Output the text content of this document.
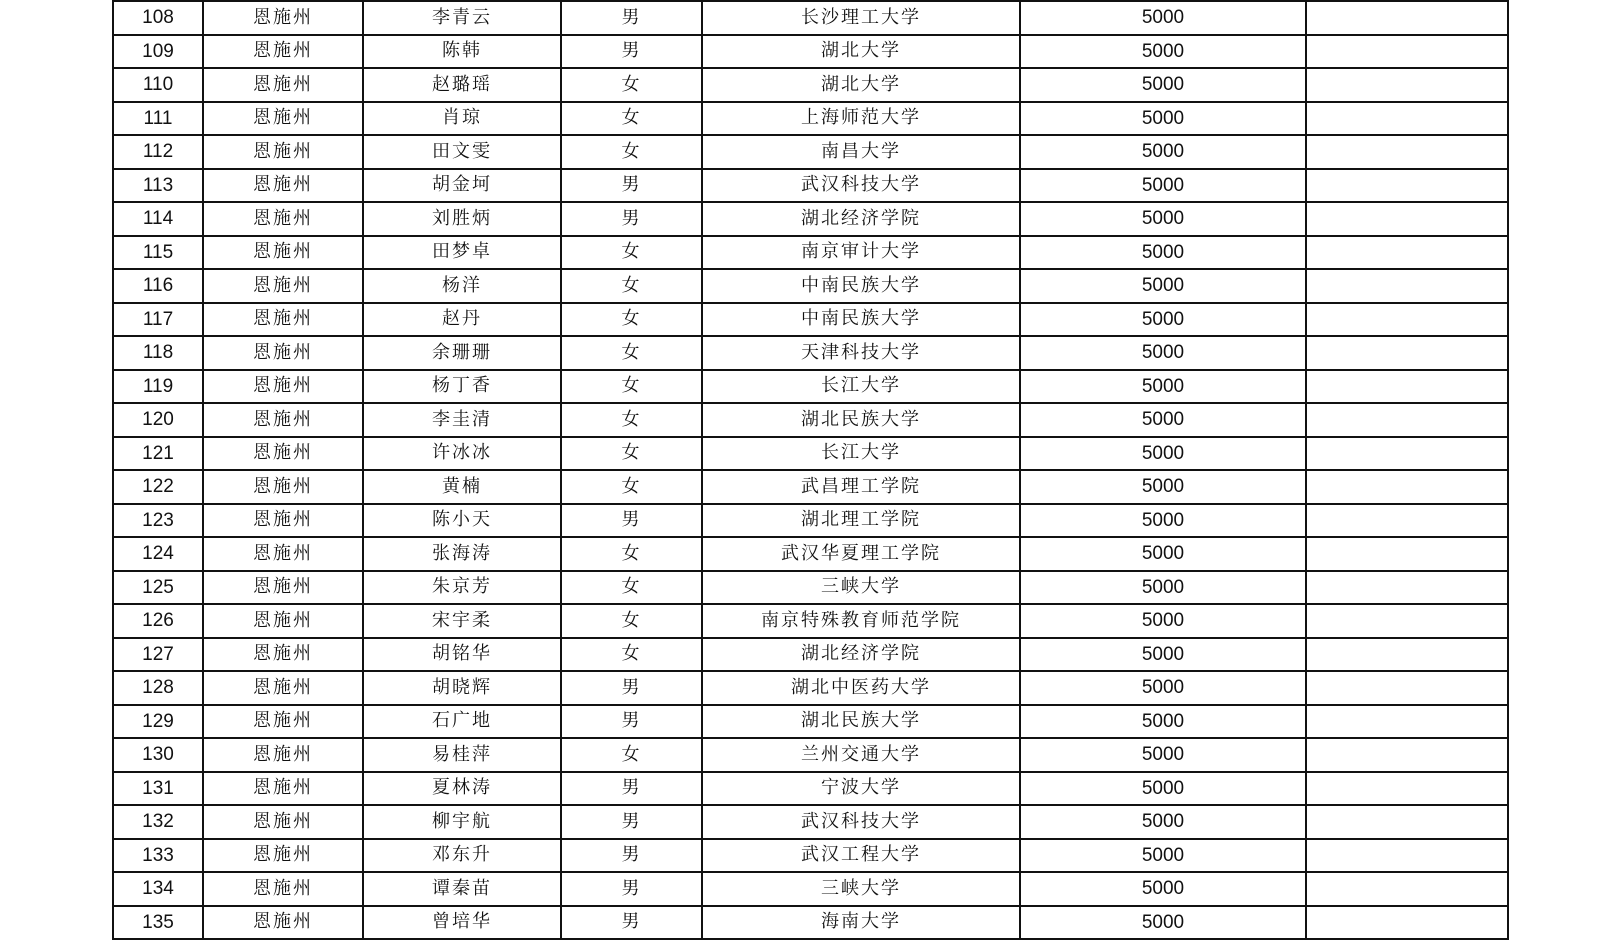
108	恩施州	李青云	男	长沙理工大学	5000	
109	恩施州	陈韩	男	湖北大学	5000	
110	恩施州	赵璐瑶	女	湖北大学	5000	
111	恩施州	肖琼	女	上海师范大学	5000	
112	恩施州	田文雯	女	南昌大学	5000	
113	恩施州	胡金坷	男	武汉科技大学	5000	
114	恩施州	刘胜炳	男	湖北经济学院	5000	
115	恩施州	田梦卓	女	南京审计大学	5000	
116	恩施州	杨洋	女	中南民族大学	5000	
117	恩施州	赵丹	女	中南民族大学	5000	
118	恩施州	余珊珊	女	天津科技大学	5000	
119	恩施州	杨丁香	女	长江大学	5000	
120	恩施州	李圭清	女	湖北民族大学	5000	
121	恩施州	许冰冰	女	长江大学	5000	
122	恩施州	黄楠	女	武昌理工学院	5000	
123	恩施州	陈小天	男	湖北理工学院	5000	
124	恩施州	张海涛	女	武汉华夏理工学院	5000	
125	恩施州	朱京芳	女	三峡大学	5000	
126	恩施州	宋宇柔	女	南京特殊教育师范学院	5000	
127	恩施州	胡铭华	女	湖北经济学院	5000	
128	恩施州	胡晓辉	男	湖北中医药大学	5000	
129	恩施州	石广地	男	湖北民族大学	5000	
130	恩施州	易桂萍	女	兰州交通大学	5000	
131	恩施州	夏林涛	男	宁波大学	5000	
132	恩施州	柳宇航	男	武汉科技大学	5000	
133	恩施州	邓东升	男	武汉工程大学	5000	
134	恩施州	谭秦苗	男	三峡大学	5000	
135	恩施州	曾培华	男	海南大学	5000	
